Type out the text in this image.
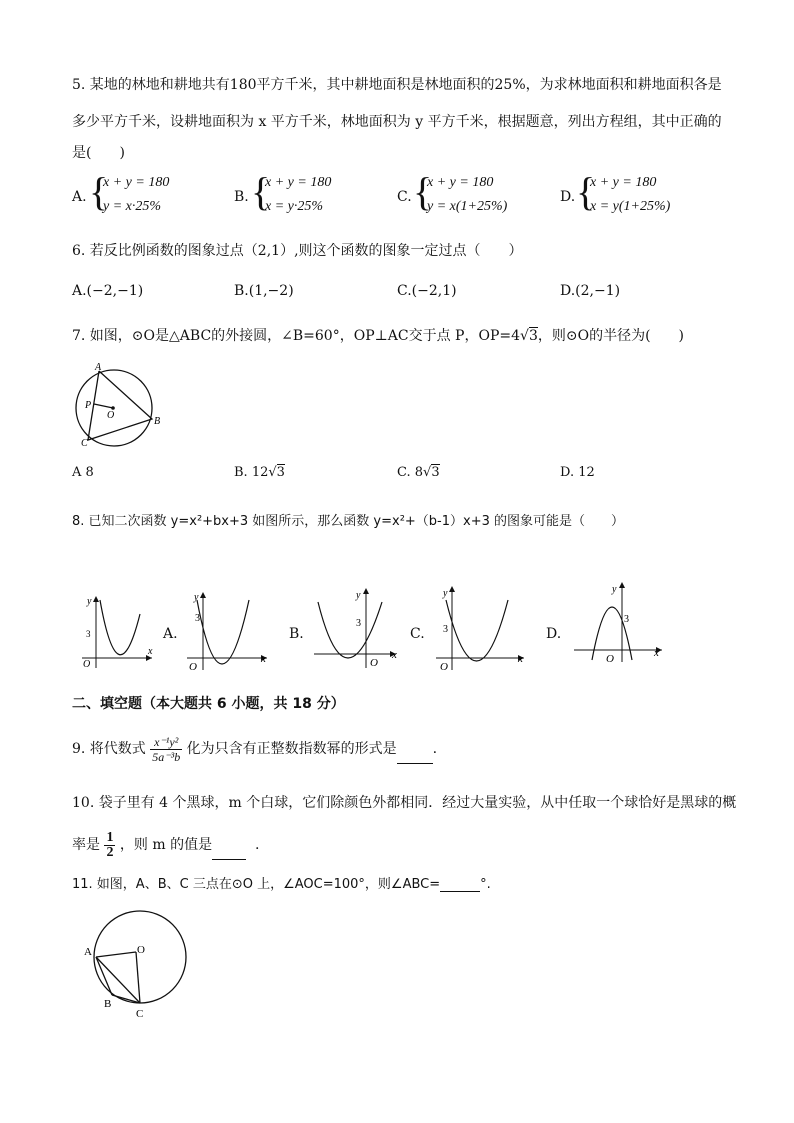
5. 某地的林地和耕地共有180平方千米，其中耕地面积是林地面积的25%，为求林地面积和耕地面积各是
多少平方千米，设耕地面积为 x 平方千米，林地面积为 y 平方千米，根据题意，列出方程组，其中正确的
是(　　)
A. {
x + y = 180
y = x·25%
B. {
x + y = 180
x = y·25%
C. {
x + y = 180
y = x(1+25%)
D. {
x + y = 180
x = y(1+25%)
6. 若反比例函数的图象过点（2,1）,则这个函数的图象一定过点（　　）
A.(−2,−1)	B.(1,−2)	C.(−2,1)	D.(2,−1)
7. 如图，⊙O是△ABC的外接圆，∠B=60°，OP⊥AC交于点 P，OP=4√3，则⊙O的半径为(　　)
A
B
C
P
O
A 8	B. 12√3	C. 8√3	D. 12
8. 已知二次函数 y=x²+bx+3 如图所示，那么函数 y=x²+（b-1）x+3 的图象可能是（　　）
y
x
O
3	A.
y
x
O
3
B.
y
x
O
3
C.
y
x
O
3	D.
y
x
O
3
二、填空题（本大题共 6 小题，共 18 分）
9. 将代数式 $\frac{\text{x⁻¹y²}}{\text{5a⁻³b}}$ 化为只含有正整数指数幂的形式是	.
10. 袋子里有 4 个黑球，m 个白球，它们除颜色外都相同．经过大量实验，从中任取一个球恰好是黑球的概
率是 $\frac{1}{2}$ ，则 m 的值是	.
11. 如图，A、B、C 三点在⊙O 上，∠AOC=100°，则∠ABC=	°.
A	O
B
C
